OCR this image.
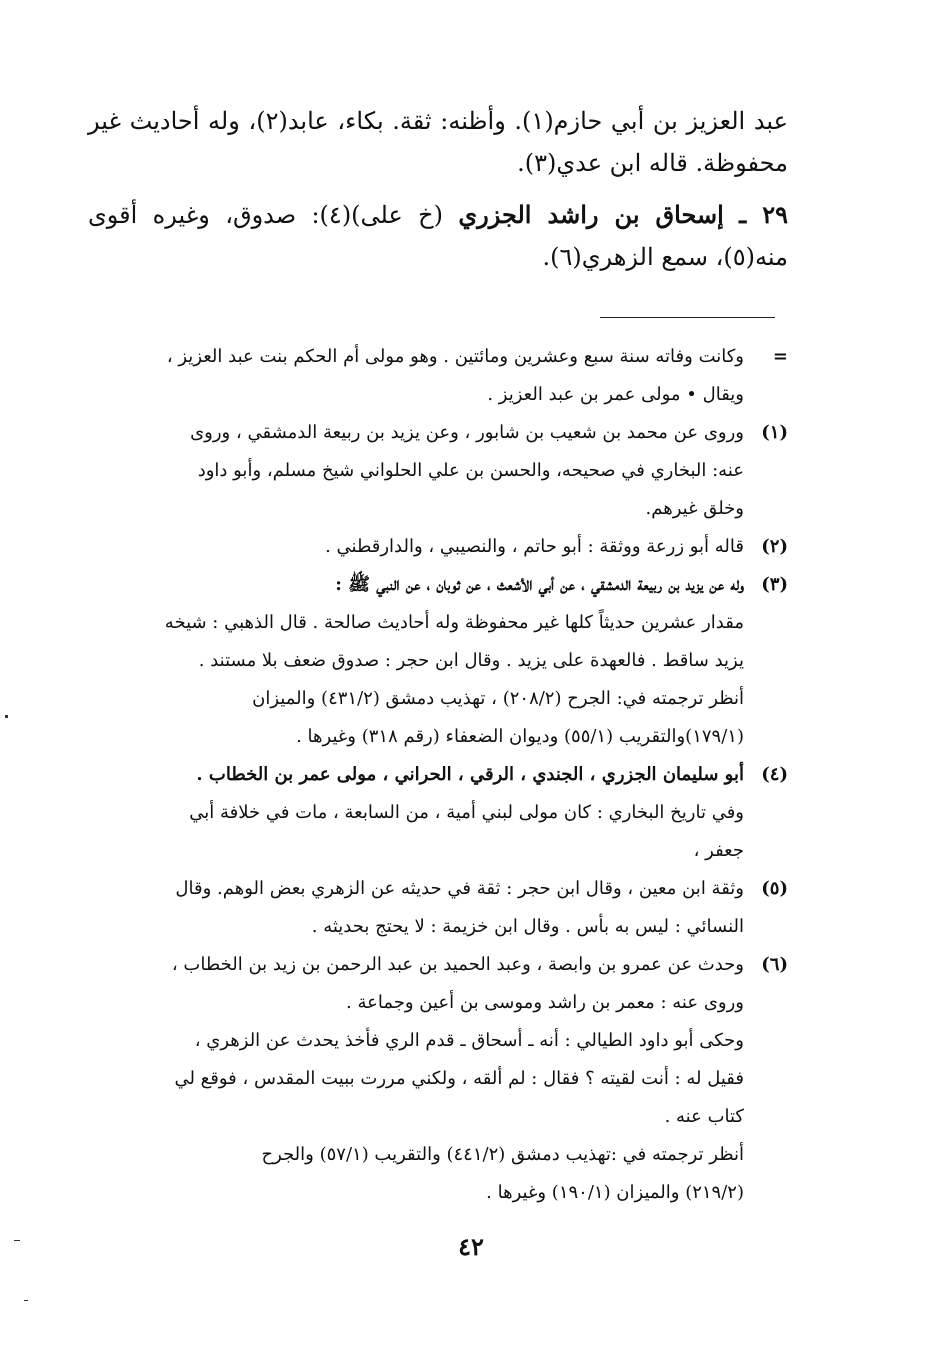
عبد العزيز بن أبي حازم(١). وأظنه: ثقة. بكاء، عابد(٢)، وله أحاديث غير محفوظة. قاله ابن عدي(٣).

٢٩ ـ إسحاق بن راشد الجزري (خ على)(٤): صدوق، وغيره أقوى منه(٥)، سمع الزهري(٦).

=
وكانت وفاته سنة سبع وعشرين ومائتين . وهو مولى أم الحكم بنت عبد العزيز ،
ويقال • مولى عمر بن عبد العزيز .
(١)
وروى عن محمد بن شعيب بن شابور ، وعن يزيد بن ربيعة الدمشقي ، وروى
عنه: البخاري في صحيحه، والحسن بن علي الحلواني شيخ مسلم، وأبو داود
وخلق غيرهم.
(٢)
قاله أبو زرعة ووثقة : أبو حاتم ، والنصيبي ، والدارقطني .
(٣)
وله عن يزيد بن ربيعة الدمشقي ، عن أبي الأشعث ، عن ثوبان ، عن النبي ﷺ :
مقدار عشرين حديثاً كلها غير محفوظة وله أحاديث صالحة . قال الذهبي : شيخه
يزيد ساقط . فالعهدة على يزيد . وقال ابن حجر : صدوق ضعف بلا مستند .
أنظر ترجمته في: الجرح (٢٠٨/٢) ، تهذيب دمشق (٤٣١/٢) والميزان
(١٧٩/١)والتقريب (٥٥/١) وديوان الضعفاء (رقم ٣١٨) وغيرها .
(٤)
أبو سليمان الجزري ، الجندي ، الرقي ، الحراني ، مولى عمر بن الخطاب .
وفي تاريخ البخاري : كان مولى لبني أمية ، من السابعة ، مات في خلافة أبي
جعفر ،
(٥)
وثقة ابن معين ، وقال ابن حجر : ثقة في حديثه عن الزهري بعض الوهم. وقال
النسائي : ليس به بأس . وقال ابن خزيمة : لا يحتج بحديثه .
(٦)
وحدث عن عمرو بن وابصة ، وعبد الحميد بن عبد الرحمن بن زيد بن الخطاب ،
وروى عنه : معمر بن راشد وموسى بن أعين وجماعة .
وحكى أبو داود الطيالي : أنه ـ أسحاق ـ قدم الري فأخذ يحدث عن الزهري ،
فقيل له : أنت لقيته ؟ فقال : لم ألقه ، ولكني مررت ببيت المقدس ، فوقع لي
كتاب عنه .
أنظر ترجمته في :تهذيب دمشق (٤٤١/٢) والتقريب (٥٧/١) والجرح
(٢١٩/٢) والميزان (١٩٠/١) وغيرها .
٤٢
